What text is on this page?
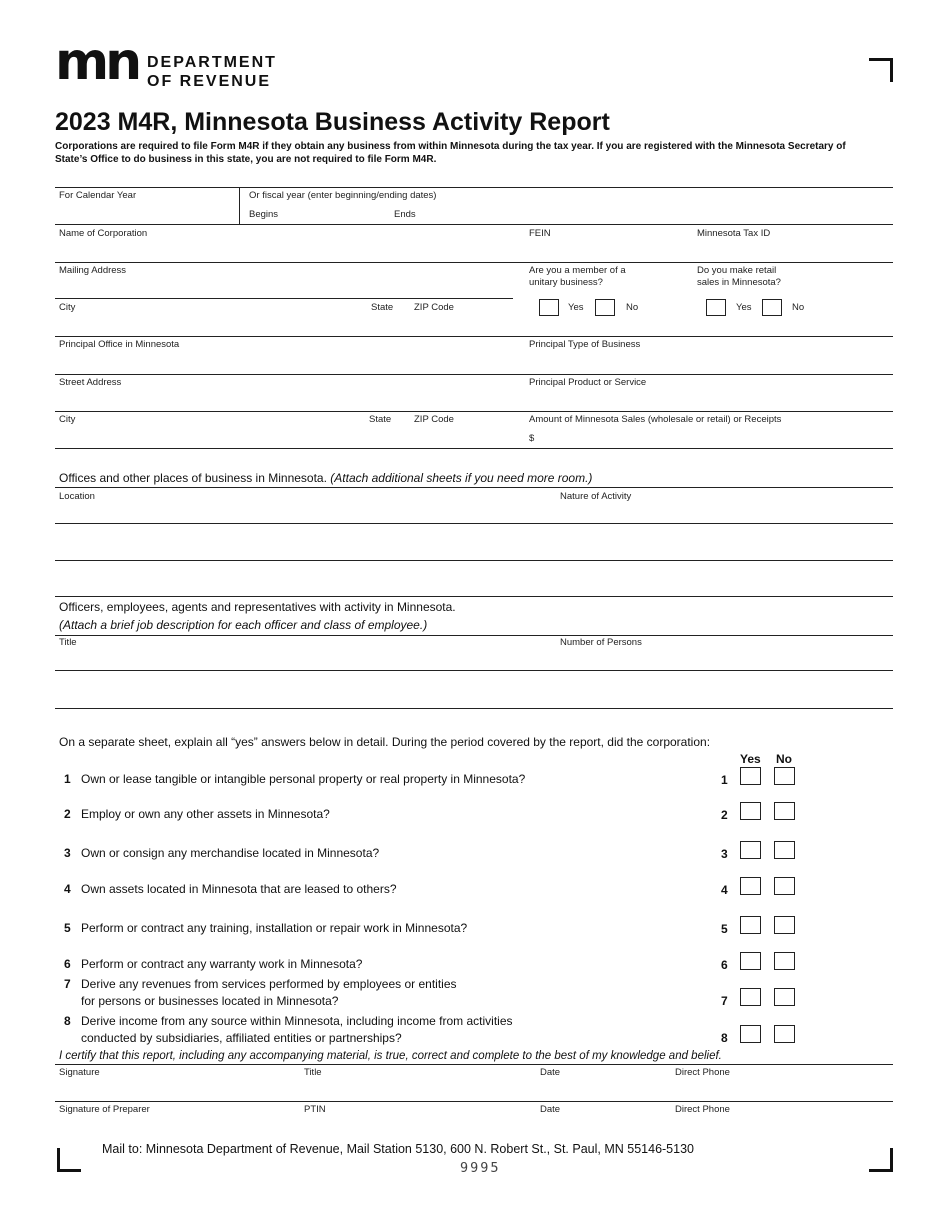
mn DEPARTMENT
OF REVENUE
2023 M4R, Minnesota Business Activity Report
Corporations are required to file Form M4R if they obtain any business from within Minnesota during the tax year. If you are registered with the Minnesota Secretary of State’s Office to do business in this state, you are not required to file Form M4R.
For Calendar Year	Or fiscal year (enter beginning/ending dates)
Begins	Ends
Name of Corporation	FEIN	Minnesota Tax ID
Mailing Address	Are you a member of a unitary business?
Do you make retail sales in Minnesota?
City	State ZIP Code	Yes	No	Yes	No
Principal Office in Minnesota	Principal Type of Business
Street Address	Principal Product or Service
City	State ZIP Code	Amount of Minnesota Sales (wholesale or retail) or Receipts
$
Offices and other places of business in Minnesota. (Attach additional sheets if you need more room.)
Location	Nature of Activity
Officers, employees, agents and representatives with activity in Minnesota.
(Attach a brief job description for each officer and class of employee.)
Title	Number of Persons
On a separate sheet, explain all “yes” answers below in detail. During the period covered by the report, did the corporation:
Yes No
1 Own or lease tangible or intangible personal property or real property in Minnesota?	1
2 Employ or own any other assets in Minnesota?	2
3 Own or consign any merchandise located in Minnesota?	3
4 Own assets located in Minnesota that are leased to others?	4
5 Perform or contract any training, installation or repair work in Minnesota?	5
6 Perform or contract any warranty work in Minnesota?	6
7 Derive any revenues from services performed by employees or entities
for persons or businesses located in Minnesota?	7
8 Derive income from any source within Minnesota, including income from activities
conducted by subsidiaries, affiliated entities or partnerships?	8
I certify that this report, including any accompanying material, is true, correct and complete to the best of my knowledge and belief.
Signature	Title	Date	Direct Phone
Signature of Preparer	PTIN	Date	Direct Phone
Mail to: Minnesota Department of Revenue, Mail Station 5130, 600 N. Robert St., St. Paul, MN 55146-5130
9995
